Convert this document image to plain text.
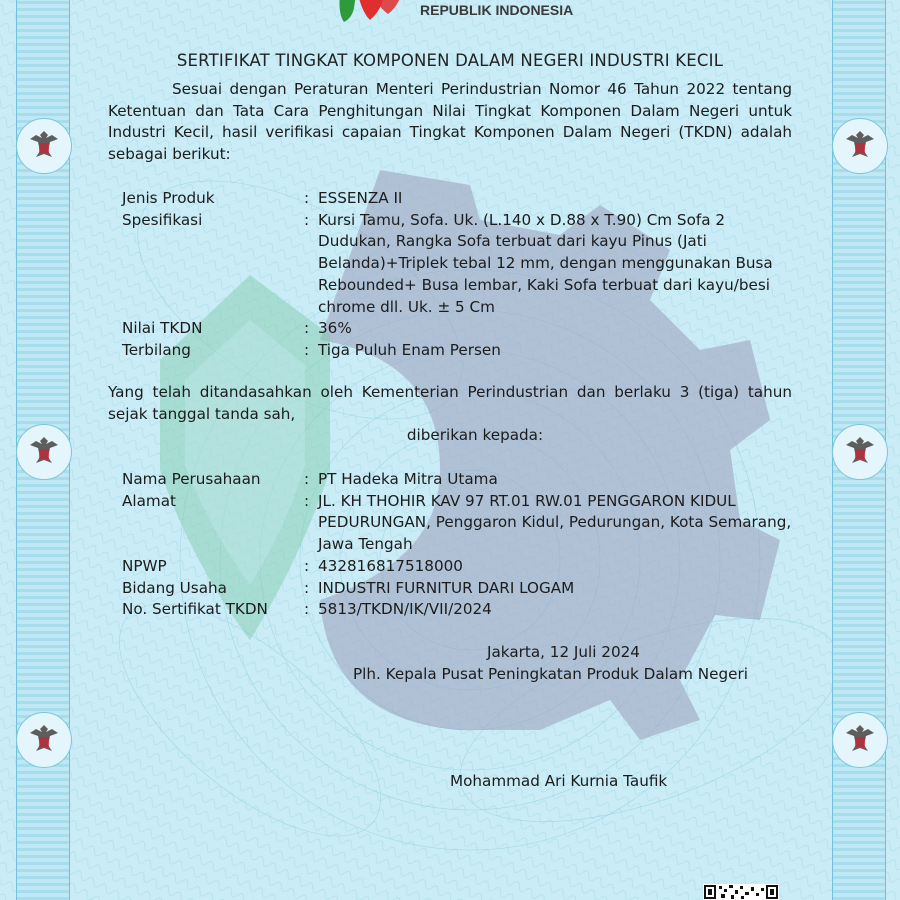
REPUBLIK INDONESIA
SERTIFIKAT TINGKAT KOMPONEN DALAM NEGERI INDUSTRI KECIL
Sesuai dengan Peraturan Menteri Perindustrian Nomor 46 Tahun 2022 tentang Ketentuan dan Tata Cara Penghitungan Nilai Tingkat Komponen Dalam Negeri untuk Industri Kecil, hasil verifikasi capaian Tingkat Komponen Dalam Negeri (TKDN) adalah sebagai berikut:
Jenis Produk	: ESSENZA II
Spesifikasi	: Kursi Tamu, Sofa. Uk. (L.140 x D.88 x T.90) Cm Sofa 2 Dudukan, Rangka Sofa terbuat dari kayu Pinus (Jati Belanda)+Triplek tebal 12 mm, dengan menggunakan Busa Rebounded+ Busa lembar, Kaki Sofa terbuat dari kayu/besi chrome dll. Uk. ± 5 Cm
Nilai TKDN	: 36%
Terbilang	: Tiga Puluh Enam Persen
Yang telah ditandasahkan oleh Kementerian Perindustrian dan berlaku 3 (tiga) tahun sejak tanggal tanda sah,
diberikan kepada:
Nama Perusahaan	: PT Hadeka Mitra Utama
Alamat	: JL. KH THOHIR KAV 97 RT.01 RW.01 PENGGARON KIDUL PEDURUNGAN, Penggaron Kidul, Pedurungan, Kota Semarang, Jawa Tengah
NPWP	: 432816817518000
Bidang Usaha	: INDUSTRI FURNITUR DARI LOGAM
No. Sertifikat TKDN	: 5813/TKDN/IK/VII/2024
Jakarta, 12 Juli 2024
Plh. Kepala Pusat Peningkatan Produk Dalam Negeri
Mohammad Ari Kurnia Taufik
